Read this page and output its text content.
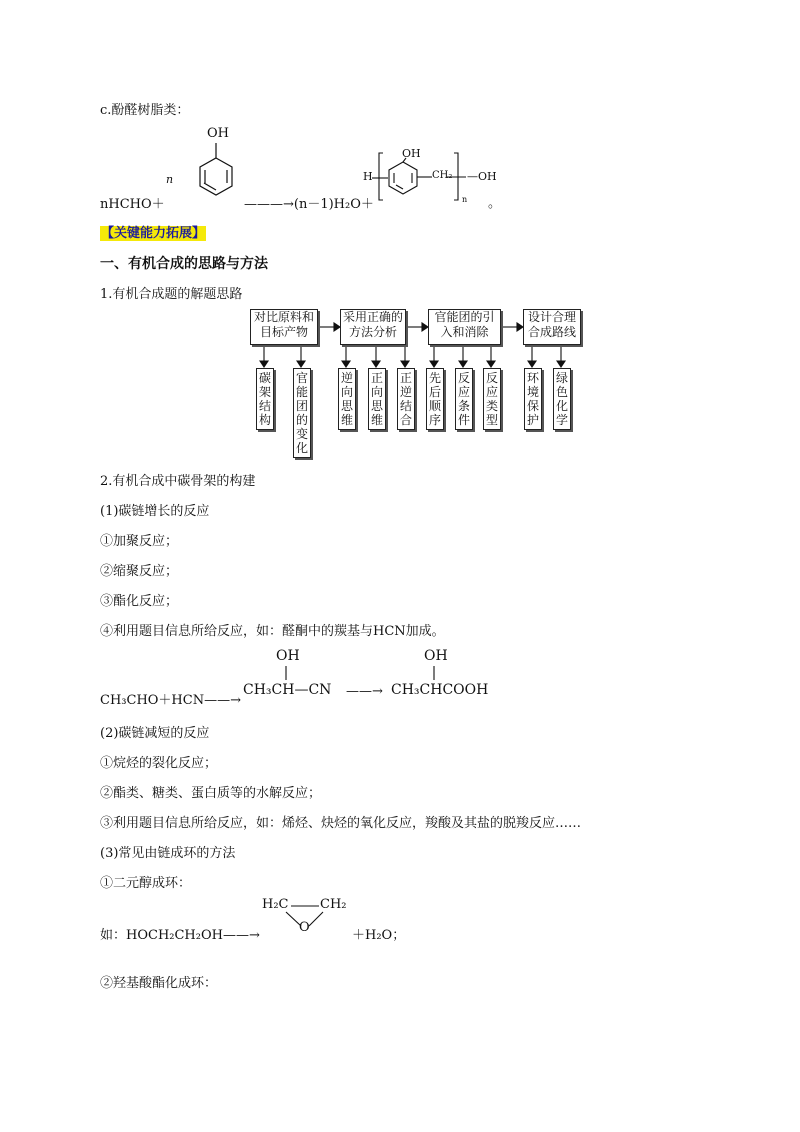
c.酚醛树脂类：
OH
n
nHCHO＋	———→(n－1)H₂O＋
H
OH
CH₂ —OH
n 。
【关键能力拓展】
一、有机合成的思路与方法
1.有机合成题的解题思路
对比原料和目标产物
采用正确的方法分析
官能团的引入和消除
设计合理合成路线
碳架结构
官能团的变化
逆向思维
正向思维
正逆结合
先后顺序
反应条件
反应类型
环境保护
绿色化学
2.有机合成中碳骨架的构建
(1)碳链增长的反应
①加聚反应；
②缩聚反应；
③酯化反应；
④利用题目信息所给反应，如：醛酮中的羰基与HCN加成。
OH	OH
CH₃CHO＋HCN——→
CH₃CH—CN ——→ CH₃CHCOOH
(2)碳链减短的反应
①烷烃的裂化反应；
②酯类、糖类、蛋白质等的水解反应；
③利用题目信息所给反应，如：烯烃、炔烃的氧化反应，羧酸及其盐的脱羧反应……
(3)常见由链成环的方法
①二元醇成环：
H₂C CH₂
如：HOCH₂CH₂OH——→
O
＋H₂O；
②羟基酸酯化成环：
